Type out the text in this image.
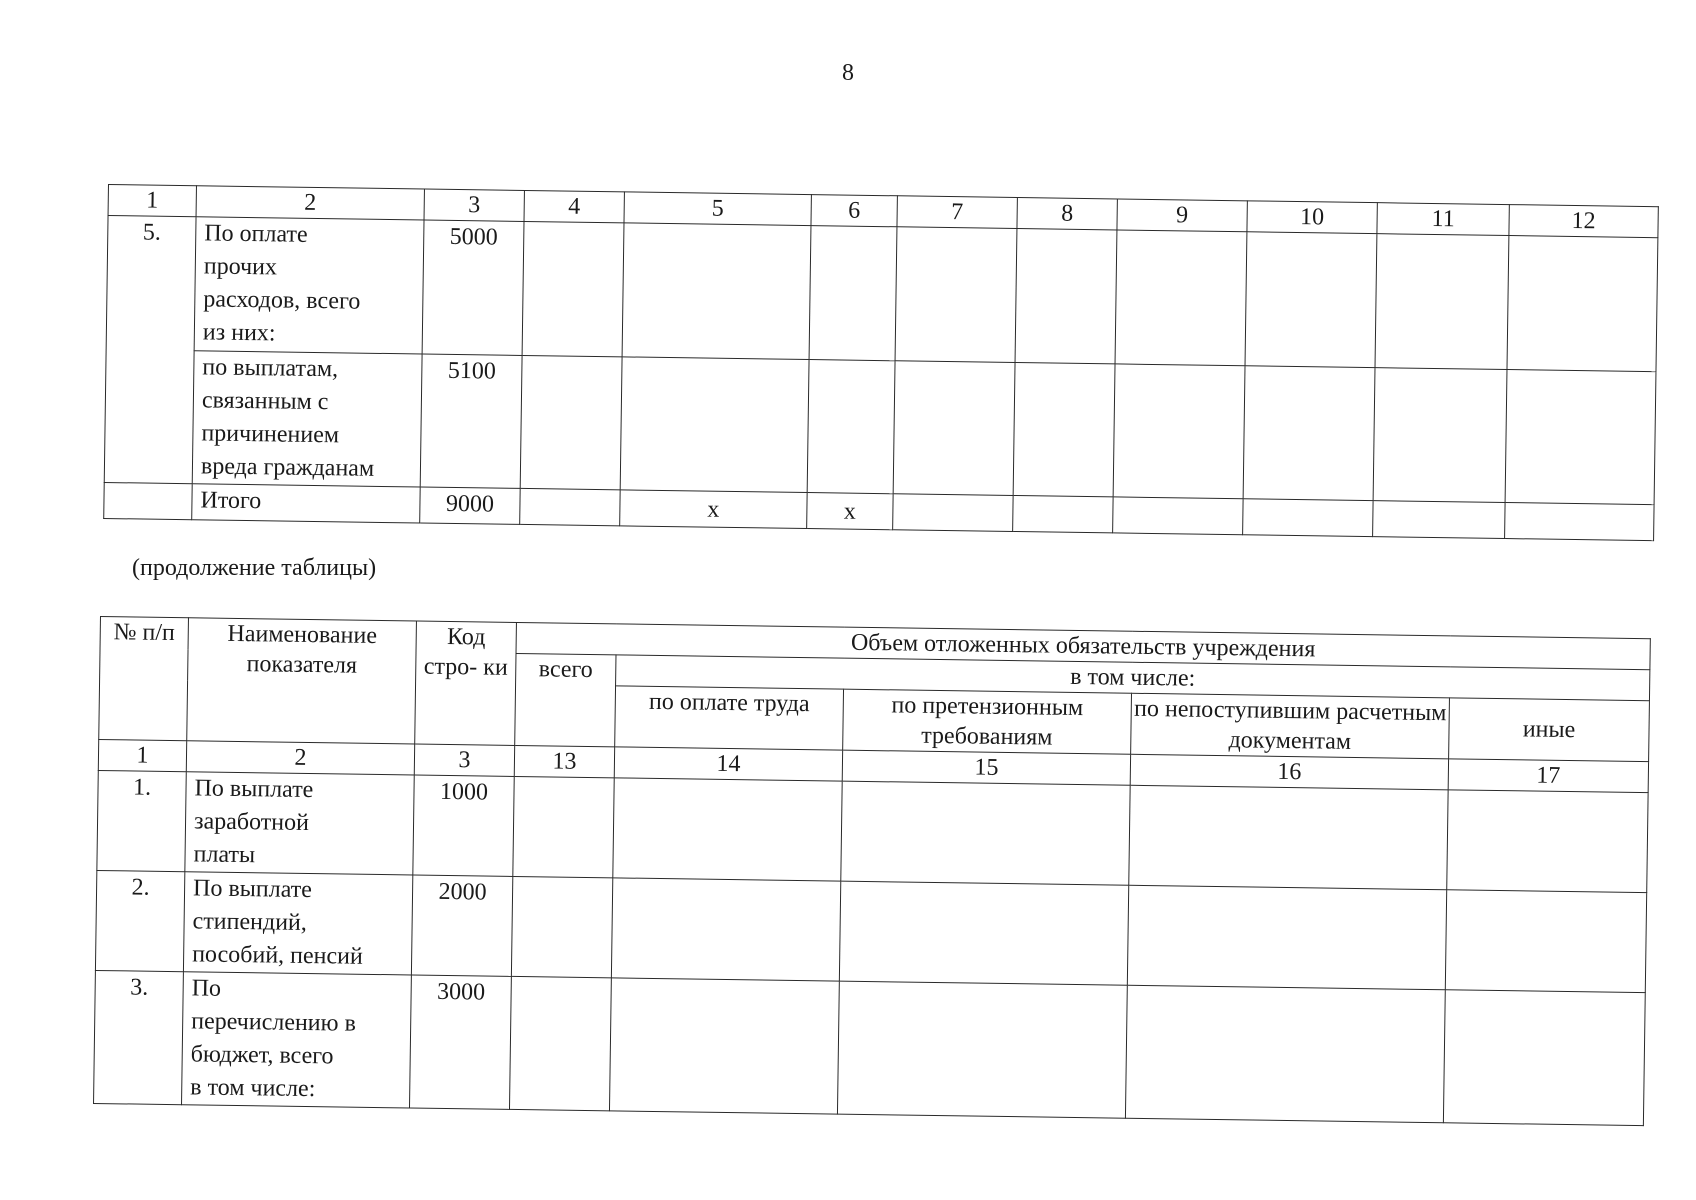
8
1	2	3	4	5	6	7	8	9	10	11	12
5.	По оплате
прочих
расходов, всего
из них:	5000									

	по выплатам,
связанным с
причинением
вреда гражданам	5100									

	Итого	9000		х	х						
(продолжение таблицы)
№ п/п	Наименование показателя	Код стро- ки	Объем отложенных обязательств учреждения				
			всего	в том числе:			
				по оплате труда	по претензионным требованиям	по непоступившим расчетным документам	иные
1	2	3	13	14	15	16	17
1.	По выплате
заработной
платы	1000					
2.	По выплате
стипендий,
пособий, пенсий	2000					
3.	По
перечислению в
бюджет, всего
в том числе:	3000					
